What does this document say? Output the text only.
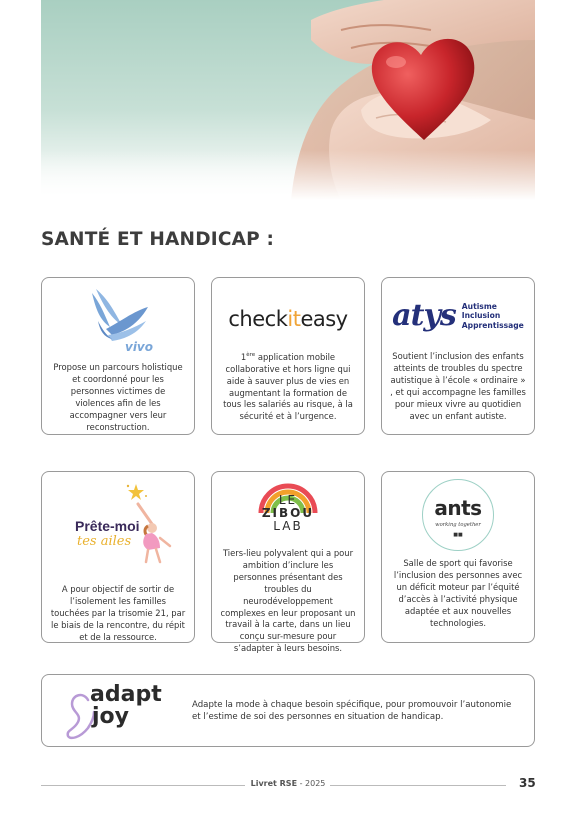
SANTÉ ET HANDICAP :
vivo

Propose un parcours holistique et coordonné pour les personnes victimes de violences afin de les accompagner vers leur reconstruction.

checkiteasy

1ère application mobile collaborative et hors ligne qui aide à sauver plus de vies en augmentant la formation de tous les salariés au risque, à la sécurité et à l’urgence.

atys Autisme
Inclusion
Apprentissage

Soutient l’inclusion des enfants atteints de troubles du spectre autistique à l’école « ordinaire » , et qui accompagne les familles pour mieux vivre au quotidien avec un enfant autiste.

Prête-moi
tes ailes

A pour objectif de sortir de l’isolement les familles touchées par la trisomie 21, par le biais de la rencontre, du répit et de la ressource.

LE
ZIBOU
LAB

Tiers-lieu polyvalent qui a pour ambition d’inclure les personnes présentant des troubles du neurodéveloppement complexes en leur proposant un travail à la carte, dans un lieu conçu sur-mesure pour s’adapter à leurs besoins.

ants
working together
■■

Salle de sport qui favorise l’inclusion des personnes avec un déficit moteur par l’équité d’accès à l’activité physique adaptée et aux nouvelles technologies.

adapt
joy	Adapte la mode à chaque besoin spécifique, pour promouvoir l’autonomie et l’estime de soi des personnes en situation de handicap.

Livret RSE - 2025	35
